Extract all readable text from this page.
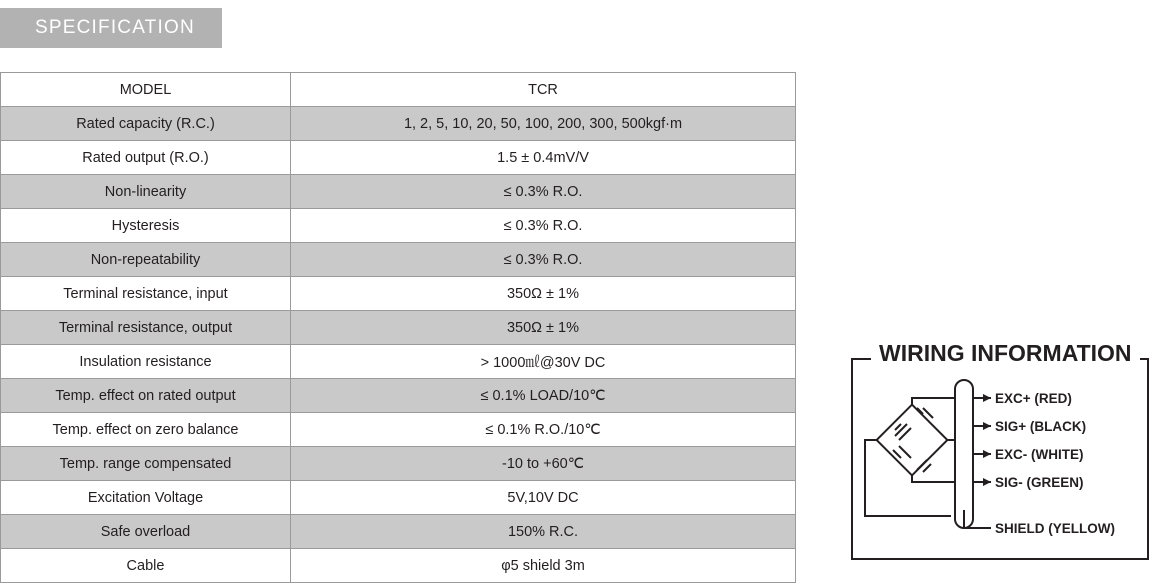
SPECIFICATION
MODEL	TCR
Rated capacity (R.C.)	1, 2, 5, 10, 20, 50, 100, 200, 300, 500kgf·m
Rated output (R.O.)	1.5 ± 0.4mV/V
Non-linearity	≤ 0.3% R.O.
Hysteresis	≤ 0.3% R.O.
Non-repeatability	≤ 0.3% R.O.
Terminal resistance, input	350Ω ± 1%
Terminal resistance, output	350Ω ± 1%
Insulation resistance	> 1000㎖@30V DC
Temp. effect on rated output	≤ 0.1% LOAD/10℃
Temp. effect on zero balance	≤ 0.1% R.O./10℃
Temp. range compensated	-10 to +60℃
Excitation Voltage	5V,10V DC
Safe overload	150% R.C.
Cable	φ5 shield 3m
WIRING INFORMATION
EXC+ (RED)
SIG+ (BLACK)
EXC- (WHITE)
SIG- (GREEN)
SHIELD (YELLOW)
